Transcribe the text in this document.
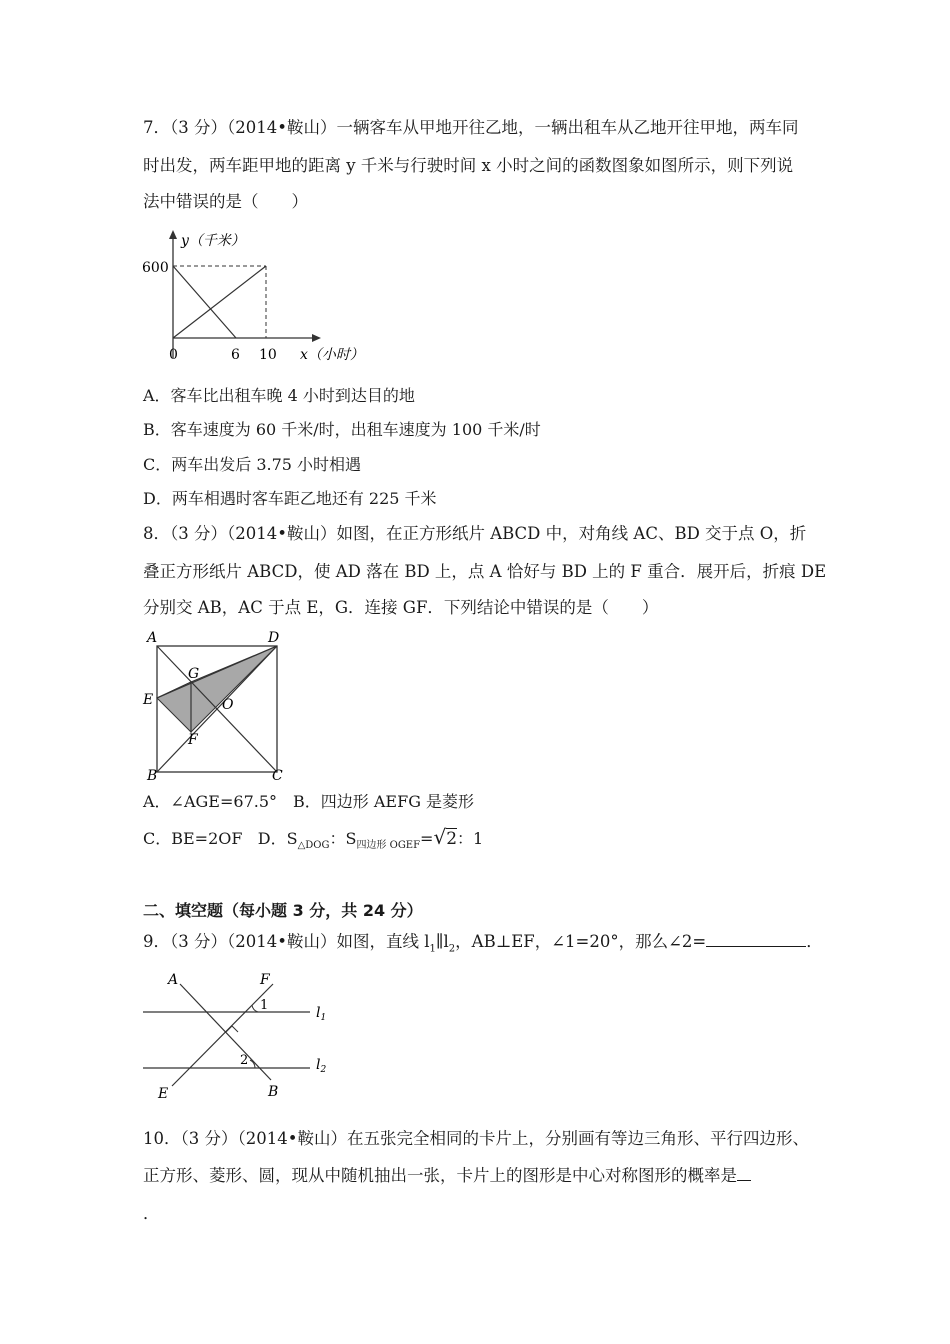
7．（3 分）（2014•鞍山）一辆客车从甲地开往乙地，一辆出租车从乙地开往甲地，两车同
时出发，两车距甲地的距离 y 千米与行驶时间 x 小时之间的函数图象如图所示，则下列说
法中错误的是（　　）
y（千米）
600
0	6 10 x（小时）
A．客车比出租车晚 4 小时到达目的地
B．客车速度为 60 千米/时，出租车速度为 100 千米/时
C．两车出发后 3.75 小时相遇
D．两车相遇时客车距乙地还有 225 千米
8．（3 分）（2014•鞍山）如图，在正方形纸片 ABCD 中，对角线 AC、BD 交于点 O，折
叠正方形纸片 ABCD，使 AD 落在 BD 上，点 A 恰好与 BD 上的 F 重合．展开后，折痕 DE
分别交 AB，AC 于点 E，G．连接 GF．下列结论中错误的是（　　）
A	D
G
E	O
F
B	C
A．∠AGE=67.5°　B．四边形 AEFG 是菱形
C．BE=2OF D．$S_{\triangle DOG}$：$S_{四边形 OGEF}=√2$：1
二、填空题（每小题 3 分，共 24 分）
9．（3 分）（2014•鞍山）如图，直线 $l_1\parallel l_2$，AB⊥EF，∠1=20°，那么∠2=	．
A	F
1	$l_1$
2	$l_2$
E	B
10．（3 分）（2014•鞍山）在五张完全相同的卡片上，分别画有等边三角形、平行四边形、
正方形、菱形、圆，现从中随机抽出一张，卡片上的图形是中心对称图形的概率是
．
